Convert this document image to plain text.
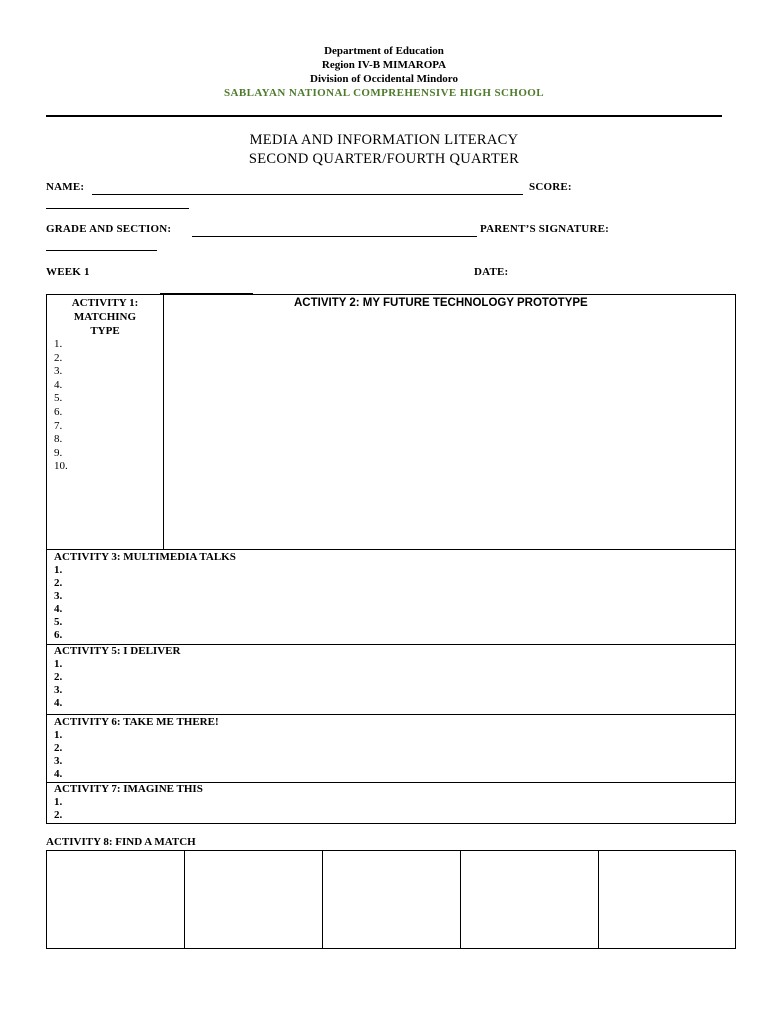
Department of Education
Region IV-B MIMAROPA
Division of Occidental Mindoro
SABLAYAN NATIONAL COMPREHENSIVE HIGH SCHOOL
MEDIA AND INFORMATION LITERACY
SECOND QUARTER/FOURTH QUARTER
NAME:	SCORE:
GRADE AND SECTION:	PARENT’S SIGNATURE:
WEEK 1	DATE:
ACTIVITY 1:
MATCHING
TYPE
1.
2.
3.
4.
5.
6.
7.
8.
9.
10.
ACTIVITY 2: MY FUTURE TECHNOLOGY PROTOTYPE
ACTIVITY 3: MULTIMEDIA TALKS
1.
2.
3.
4.
5.
6.
ACTIVITY 5: I DELIVER
1.
2.
3.
4.
ACTIVITY 6: TAKE ME THERE!
1.
2.
3.
4.
ACTIVITY 7: IMAGINE THIS
1.
2.
ACTIVITY 8: FIND A MATCH
